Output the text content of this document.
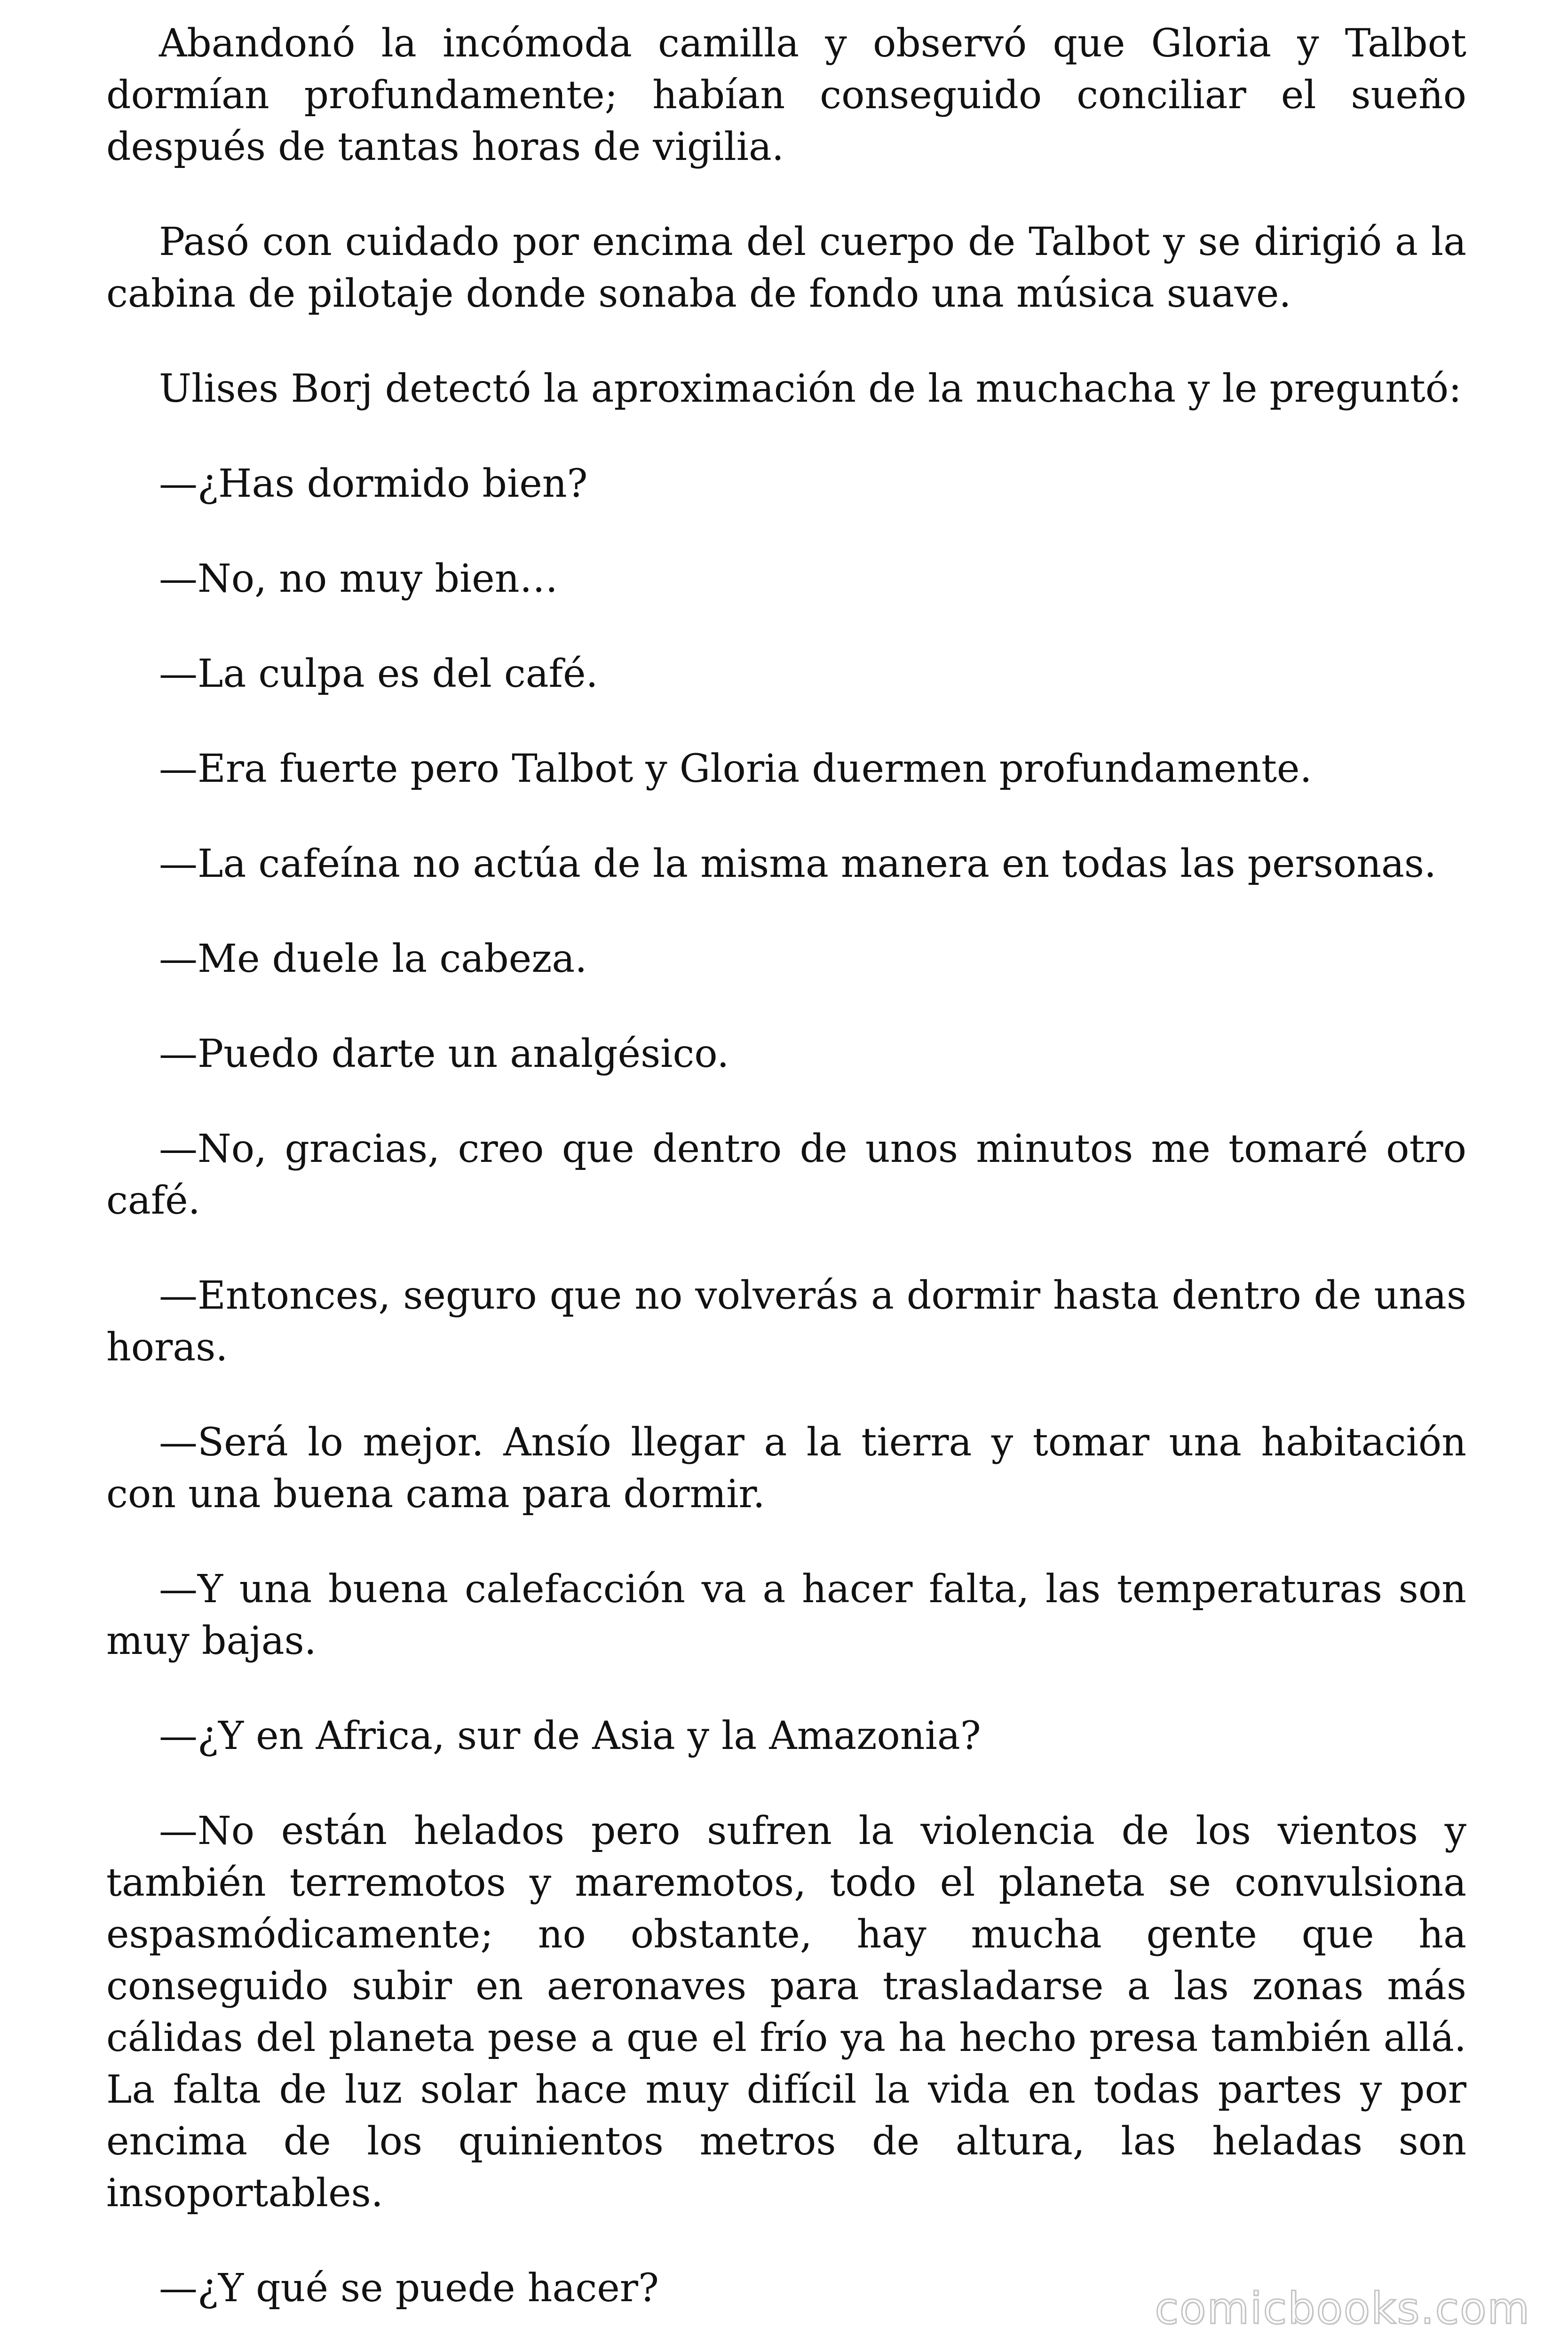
Abandonó la incómoda camilla y observó que Gloria y Talbot dormían profundamente; habían conseguido conciliar el sueño después de tantas horas de vigilia.

Pasó con cuidado por encima del cuerpo de Talbot y se dirigió a la cabina de pilotaje donde sonaba de fondo una música suave.

Ulises Borj detectó la aproximación de la muchacha y le preguntó:

—¿Has dormido bien?

—No, no muy bien…

—La culpa es del café.

—Era fuerte pero Talbot y Gloria duermen profundamente.

—La cafeína no actúa de la misma manera en todas las personas.

—Me duele la cabeza.

—Puedo darte un analgésico.

—No, gracias, creo que dentro de unos minutos me tomaré otro café.

—Entonces, seguro que no volverás a dormir hasta dentro de unas horas.

—Será lo mejor. Ansío llegar a la tierra y tomar una habitación con una buena cama para dormir.

—Y una buena calefacción va a hacer falta, las temperaturas son muy bajas.

—¿Y en Africa, sur de Asia y la Amazonia?

—No están helados pero sufren la violencia de los vientos y también terremotos y maremotos, todo el planeta se convulsiona espasmódicamente; no obstante, hay mucha gente que ha conseguido subir en aeronaves para trasladarse a las zonas más cálidas del planeta pese a que el frío ya ha hecho presa también allá. La falta de luz solar hace muy difícil la vida en todas partes y por encima de los quinientos metros de altura, las heladas son insoportables.

—¿Y qué se puede hacer?	comicbooks.com
